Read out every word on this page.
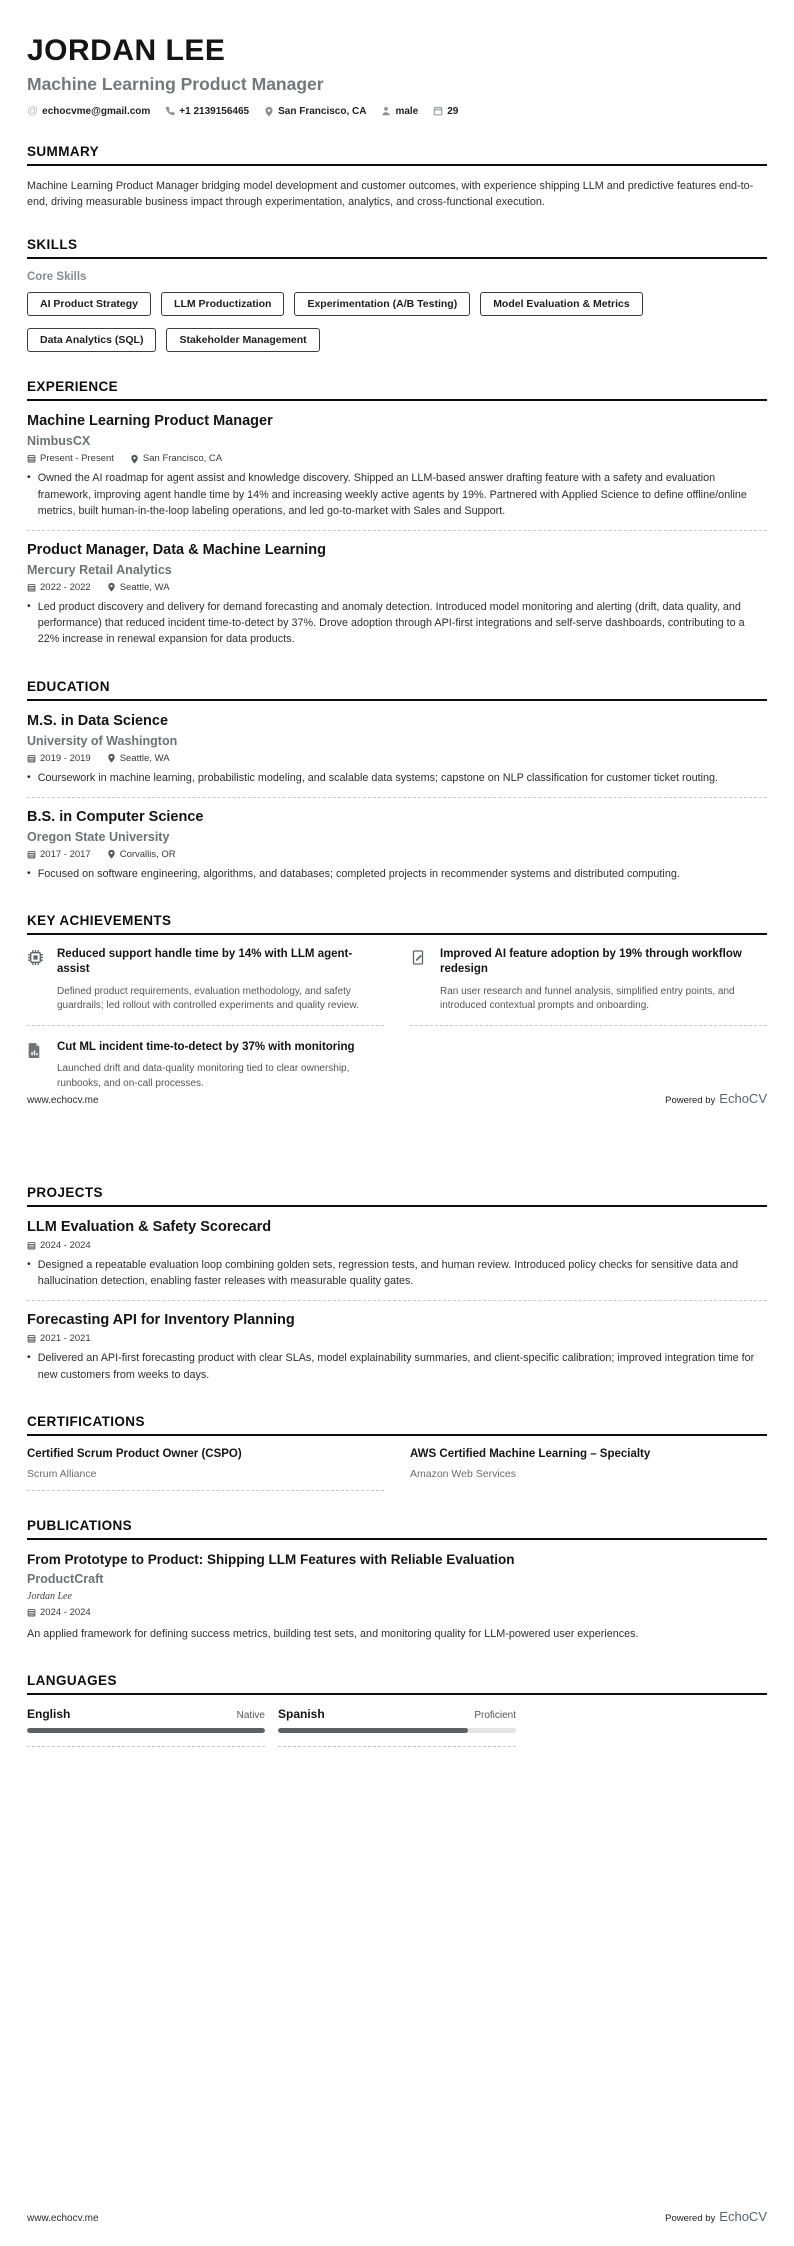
JORDAN LEE
Machine Learning Product Manager
@ echocvme@gmail.com	+1 2139156465	San Francisco, CA	male	29
SUMMARY

Machine Learning Product Manager bridging model development and customer outcomes, with experience shipping LLM and predictive features end-to-end, driving measurable business impact through experimentation, analytics, and cross-functional execution.

SKILLS
Core Skills
AI Product Strategy	LLM Productization	Experimentation (A/B Testing)	Model Evaluation & Metrics
Data Analytics (SQL)	Stakeholder Management
EXPERIENCE
Machine Learning Product Manager
NimbusCX
Present - Present	San Francisco, CA
• Owned the AI roadmap for agent assist and knowledge discovery. Shipped an LLM-based answer drafting feature with a safety and evaluation framework, improving agent handle time by 14% and increasing weekly active agents by 19%. Partnered with Applied Science to define offline/online metrics, built human-in-the-loop labeling operations, and led go-to-market with Sales and Support.

Product Manager, Data & Machine Learning
Mercury Retail Analytics
2022 - 2022	Seattle, WA
• Led product discovery and delivery for demand forecasting and anomaly detection. Introduced model monitoring and alerting (drift, data quality, and performance) that reduced incident time-to-detect by 37%. Drove adoption through API-first integrations and self-serve dashboards, contributing to a 22% increase in renewal expansion for data products.

EDUCATION
M.S. in Data Science
University of Washington
2019 - 2019	Seattle, WA
• Coursework in machine learning, probabilistic modeling, and scalable data systems; capstone on NLP classification for customer ticket routing.

B.S. in Computer Science
Oregon State University
2017 - 2017	Corvallis, OR
• Focused on software engineering, algorithms, and databases; completed projects in recommender systems and distributed computing.

KEY ACHIEVEMENTS
Reduced support handle time by 14% with LLM agent-assist
Defined product requirements, evaluation methodology, and safety guardrails; led rollout with controlled experiments and quality review.
Improved AI feature adoption by 19% through workflow redesign
Ran user research and funnel analysis, simplified entry points, and introduced contextual prompts and onboarding.
Cut ML incident time-to-detect by 37% with monitoring
Launched drift and data-quality monitoring tied to clear ownership, runbooks, and on-call processes.
www.echocv.me	Powered by EchoCV
PROJECTS
LLM Evaluation & Safety Scorecard
2024 - 2024
• Designed a repeatable evaluation loop combining golden sets, regression tests, and human review. Introduced policy checks for sensitive data and hallucination detection, enabling faster releases with measurable quality gates.

Forecasting API for Inventory Planning
2021 - 2021
• Delivered an API-first forecasting product with clear SLAs, model explainability summaries, and client-specific calibration; improved integration time for new customers from weeks to days.

CERTIFICATIONS
Certified Scrum Product Owner (CSPO)
Scrum Alliance
AWS Certified Machine Learning – Specialty
Amazon Web Services
PUBLICATIONS
From Prototype to Product: Shipping LLM Features with Reliable Evaluation
ProductCraft
Jordan Lee
2024 - 2024

An applied framework for defining success metrics, building test sets, and monitoring quality for LLM-powered user experiences.

LANGUAGES
English	Native Spanish	Proficient
www.echocv.me	Powered by EchoCV
